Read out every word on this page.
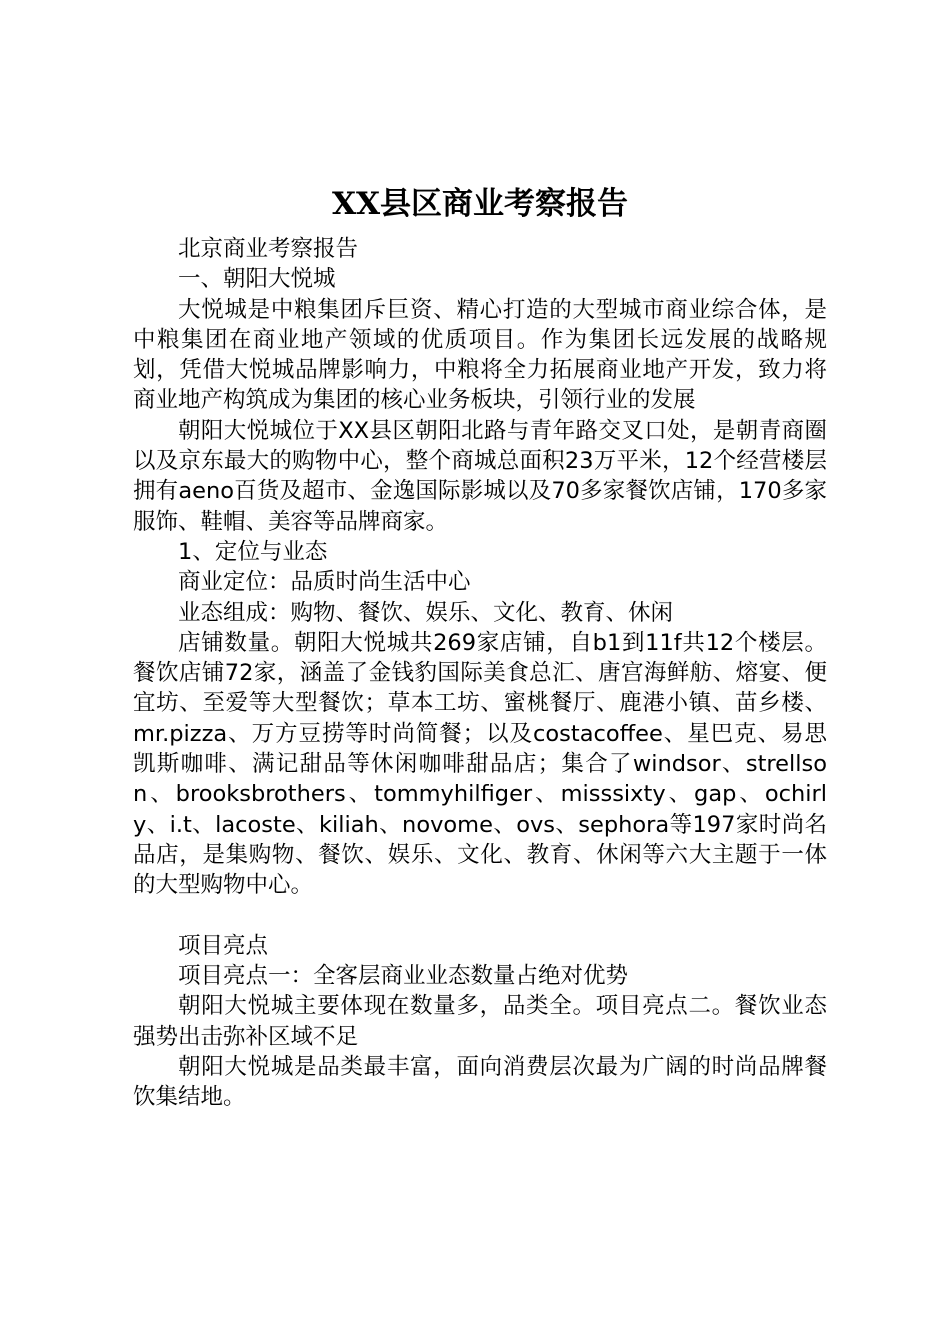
XX县区商业考察报告

北京商业考察报告

一、朝阳大悦城

大悦城是中粮集团斥巨资、精心打造的大型城市商业综合体，是中粮集团在商业地产领域的优质项目。作为集团长远发展的战略规划，凭借大悦城品牌影响力，中粮将全力拓展商业地产开发，致力将商业地产构筑成为集团的核心业务板块，引领行业的发展

朝阳大悦城位于XX县区朝阳北路与青年路交叉口处，是朝青商圈以及京东最大的购物中心，整个商城总面积23万平米，12个经营楼层拥有aeno百货及超市、金逸国际影城以及70多家餐饮店铺，170多家服饰、鞋帽、美容等品牌商家。

1、定位与业态

商业定位：品质时尚生活中心

业态组成：购物、餐饮、娱乐、文化、教育、休闲

店铺数量。朝阳大悦城共269家店铺，自b1到11f共12个楼层。餐饮店铺72家，涵盖了金钱豹国际美食总汇、唐宫海鲜舫、熔宴、便宜坊、至爱等大型餐饮；草本工坊、蜜桃餐厅、鹿港小镇、苗乡楼、mr.pizza、万方豆捞等时尚简餐；以及costacoffee、星巴克、易思凯斯咖啡、满记甜品等休闲咖啡甜品店；集合了windsor、strellson、brooksbrothers、tommyhilfiger、misssixty、gap、ochirly、i.t、lacoste、kiliah、novome、ovs、sephora等197家时尚名品店，是集购物、餐饮、娱乐、文化、教育、休闲等六大主题于一体的大型购物中心。

项目亮点

项目亮点一：全客层商业业态数量占绝对优势

朝阳大悦城主要体现在数量多，品类全。项目亮点二。餐饮业态强势出击弥补区域不足

朝阳大悦城是品类最丰富，面向消费层次最为广阔的时尚品牌餐饮集结地。
